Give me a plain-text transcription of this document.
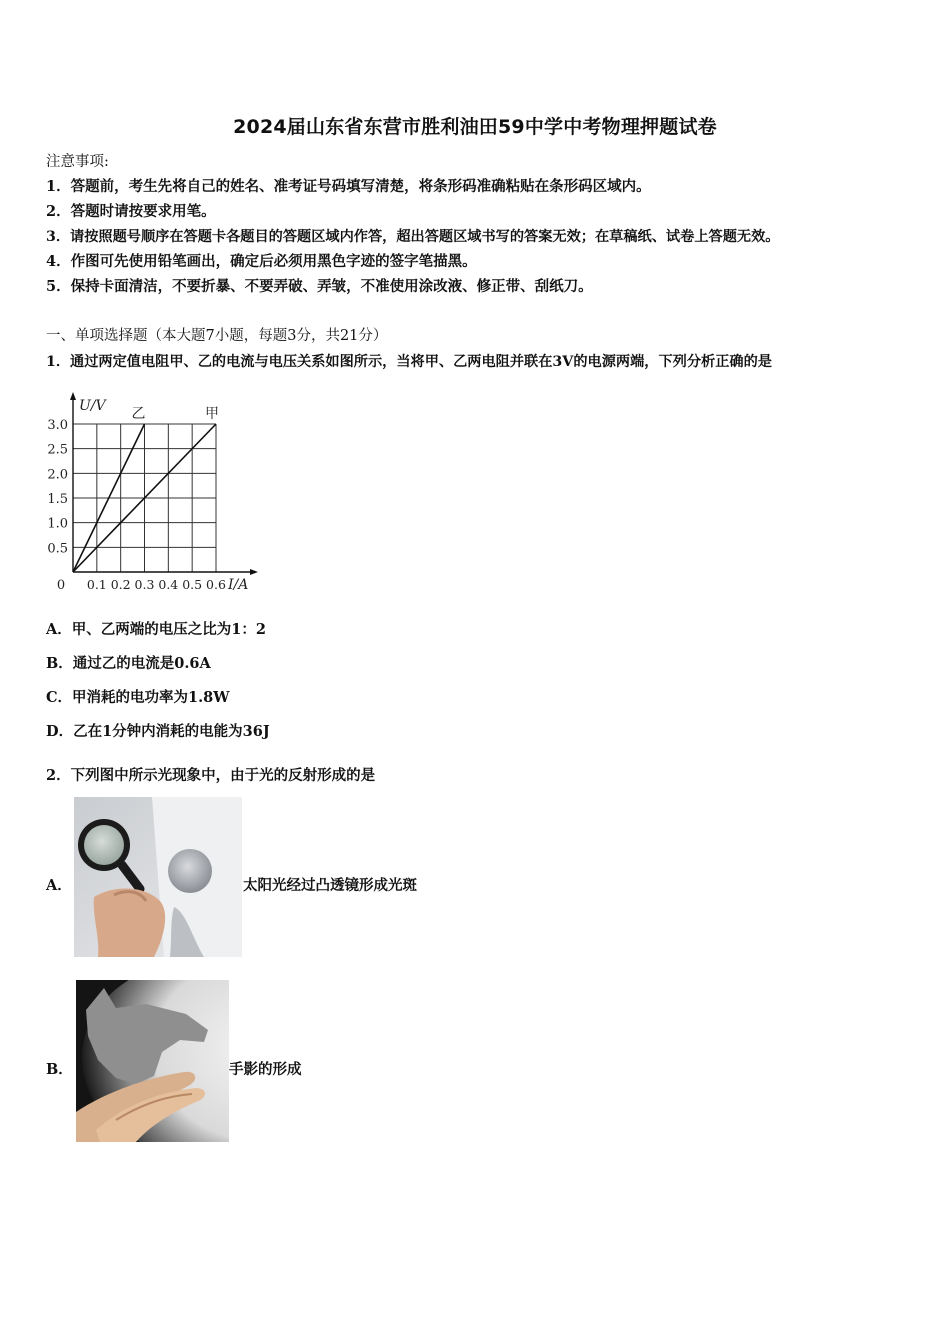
2024届山东省东营市胜利油田59中学中考物理押题试卷
注意事项:
1．答题前，考生先将自己的姓名、准考证号码填写清楚，将条形码准确粘贴在条形码区域内。
2．答题时请按要求用笔。
3．请按照题号顺序在答题卡各题目的答题区域内作答，超出答题区域书写的答案无效；在草稿纸、试卷上答题无效。
4．作图可先使用铅笔画出，确定后必须用黑色字迹的签字笔描黑。
5．保持卡面清洁，不要折暴、不要弄破、弄皱，不准使用涂改液、修正带、刮纸刀。
一、单项选择题（本大题7小题，每题3分，共21分）
1．通过两定值电阻甲、乙的电流与电压关系如图所示，当将甲、乙两电阻并联在3V的电源两端，下列分析正确的是
乙	甲
0.5
1.0
1.5
2.0
2.5
3.0
0.1 0.2 0.3 0.4 0.5 0.6
0
U/V
I/A
A．甲、乙两端的电压之比为1：2
B．通过乙的电流是0.6A
C．甲消耗的电功率为1.8W
D．乙在1分钟内消耗的电能为36J
2．下列图中所示光现象中，由于光的反射形成的是
A．	太阳光经过凸透镜形成光斑
B．	手影的形成
